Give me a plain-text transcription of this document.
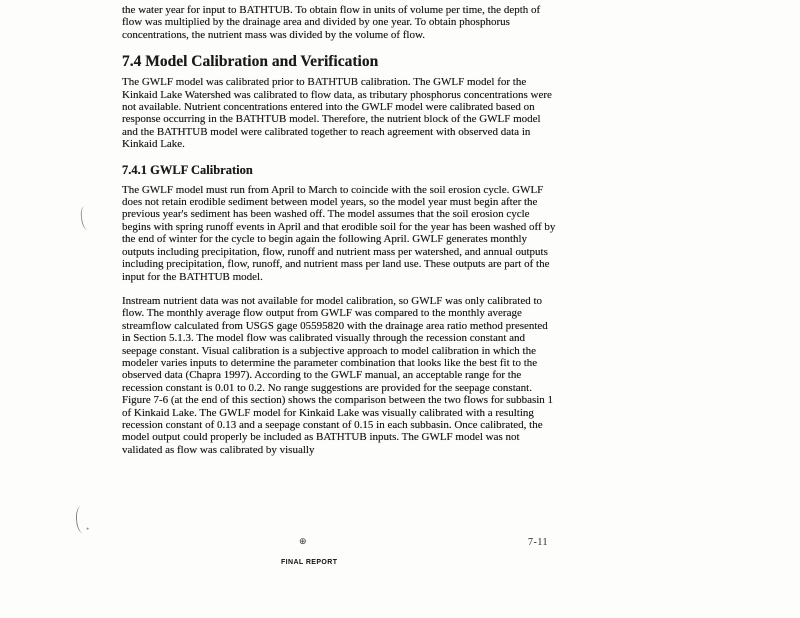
the water year for input to BATHTUB. To obtain flow in units of volume per time, the depth of flow was multiplied by the drainage area and divided by one year. To obtain phosphorus concentrations, the nutrient mass was divided by the volume of flow.

7.4 Model Calibration and Verification

The GWLF model was calibrated prior to BATHTUB calibration. The GWLF model for the Kinkaid Lake Watershed was calibrated to flow data, as tributary phosphorus concentrations were not available. Nutrient concentrations entered into the GWLF model were calibrated based on response occurring in the BATHTUB model. Therefore, the nutrient block of the GWLF model and the BATHTUB model were calibrated together to reach agreement with observed data in Kinkaid Lake.

7.4.1 GWLF Calibration

The GWLF model must run from April to March to coincide with the soil erosion cycle. GWLF does not retain erodible sediment between model years, so the model year must begin after the previous year's sediment has been washed off. The model assumes that the soil erosion cycle begins with spring runoff events in April and that erodible soil for the year has been washed off by the end of winter for the cycle to begin again the following April. GWLF generates monthly outputs including precipitation, flow, runoff and nutrient mass per watershed, and annual outputs including precipitation, flow, runoff, and nutrient mass per land use. These outputs are part of the input for the BATHTUB model.

Instream nutrient data was not available for model calibration, so GWLF was only calibrated to flow. The monthly average flow output from GWLF was compared to the monthly average streamflow calculated from USGS gage 05595820 with the drainage area ratio method presented in Section 5.1.3. The model flow was calibrated visually through the recession constant and seepage constant. Visual calibration is a subjective approach to model calibration in which the modeler varies inputs to determine the parameter combination that looks like the best fit to the observed data (Chapra 1997). According to the GWLF manual, an acceptable range for the recession constant is 0.01 to 0.2. No range suggestions are provided for the seepage constant. Figure 7-6 (at the end of this section) shows the comparison between the two flows for subbasin 1 of Kinkaid Lake. The GWLF model for Kinkaid Lake was visually calibrated with a resulting recession constant of 0.13 and a seepage constant of 0.15 in each subbasin. Once calibrated, the model output could properly be included as BATHTUB inputs. The GWLF model was not validated as flow was calibrated by visually

⊕	7-11
FINAL REPORT
